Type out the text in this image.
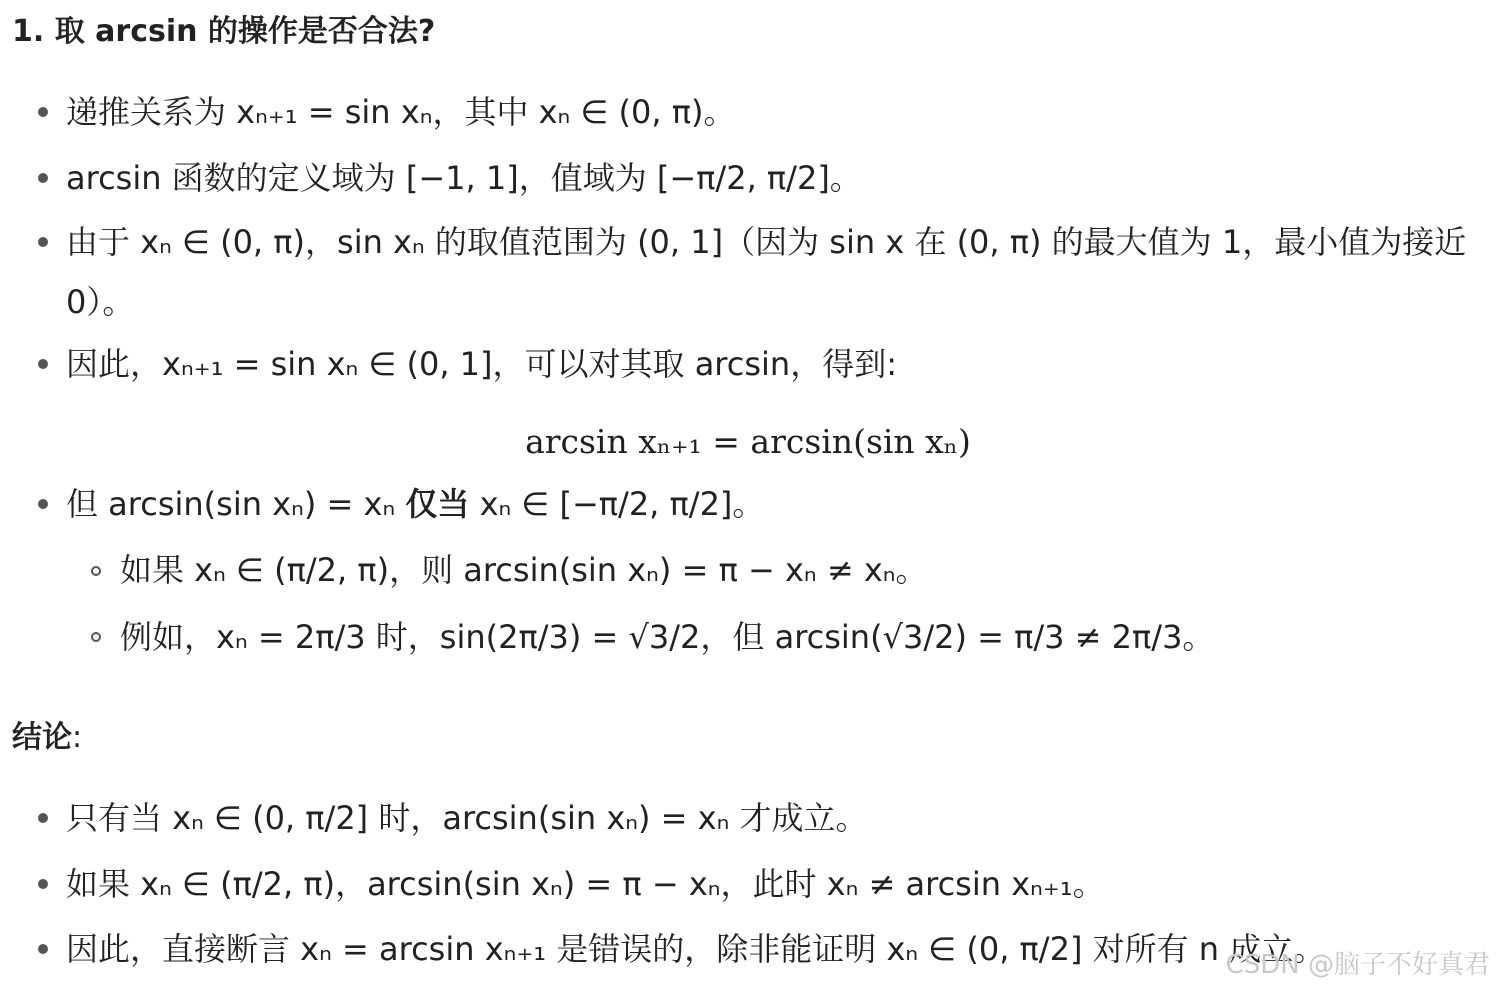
1. 取 arcsin 的操作是否合法?
递推关系为 xₙ₊₁ = sin xₙ，其中 xₙ ∈ (0, π)。
arcsin 函数的定义域为 [−1, 1]，值域为 [−π/2, π/2]。
由于 xₙ ∈ (0, π)，sin xₙ 的取值范围为 (0, 1]（因为 sin x 在 (0, π) 的最大值为 1，最小值为接近
0）。
因此，xₙ₊₁ = sin xₙ ∈ (0, 1]，可以对其取 arcsin，得到:
arcsin xₙ₊₁ = arcsin(sin xₙ)
但 arcsin(sin xₙ) = xₙ 仅当 xₙ ∈ [−π/2, π/2]。
如果 xₙ ∈ (π/2, π)，则 arcsin(sin xₙ) = π − xₙ ≠ xₙ。
例如，xₙ = 2π/3 时，sin(2π/3) = √3/2，但 arcsin(√3/2) = π/3 ≠ 2π/3。
结论:
只有当 xₙ ∈ (0, π/2] 时，arcsin(sin xₙ) = xₙ 才成立。
如果 xₙ ∈ (π/2, π)，arcsin(sin xₙ) = π − xₙ，此时 xₙ ≠ arcsin xₙ₊₁。
因此，直接断言 xₙ = arcsin xₙ₊₁ 是错误的，除非能证明 xₙ ∈ (0, π/2] 对所有 n 成立。
CSDN @脑子不好真君
